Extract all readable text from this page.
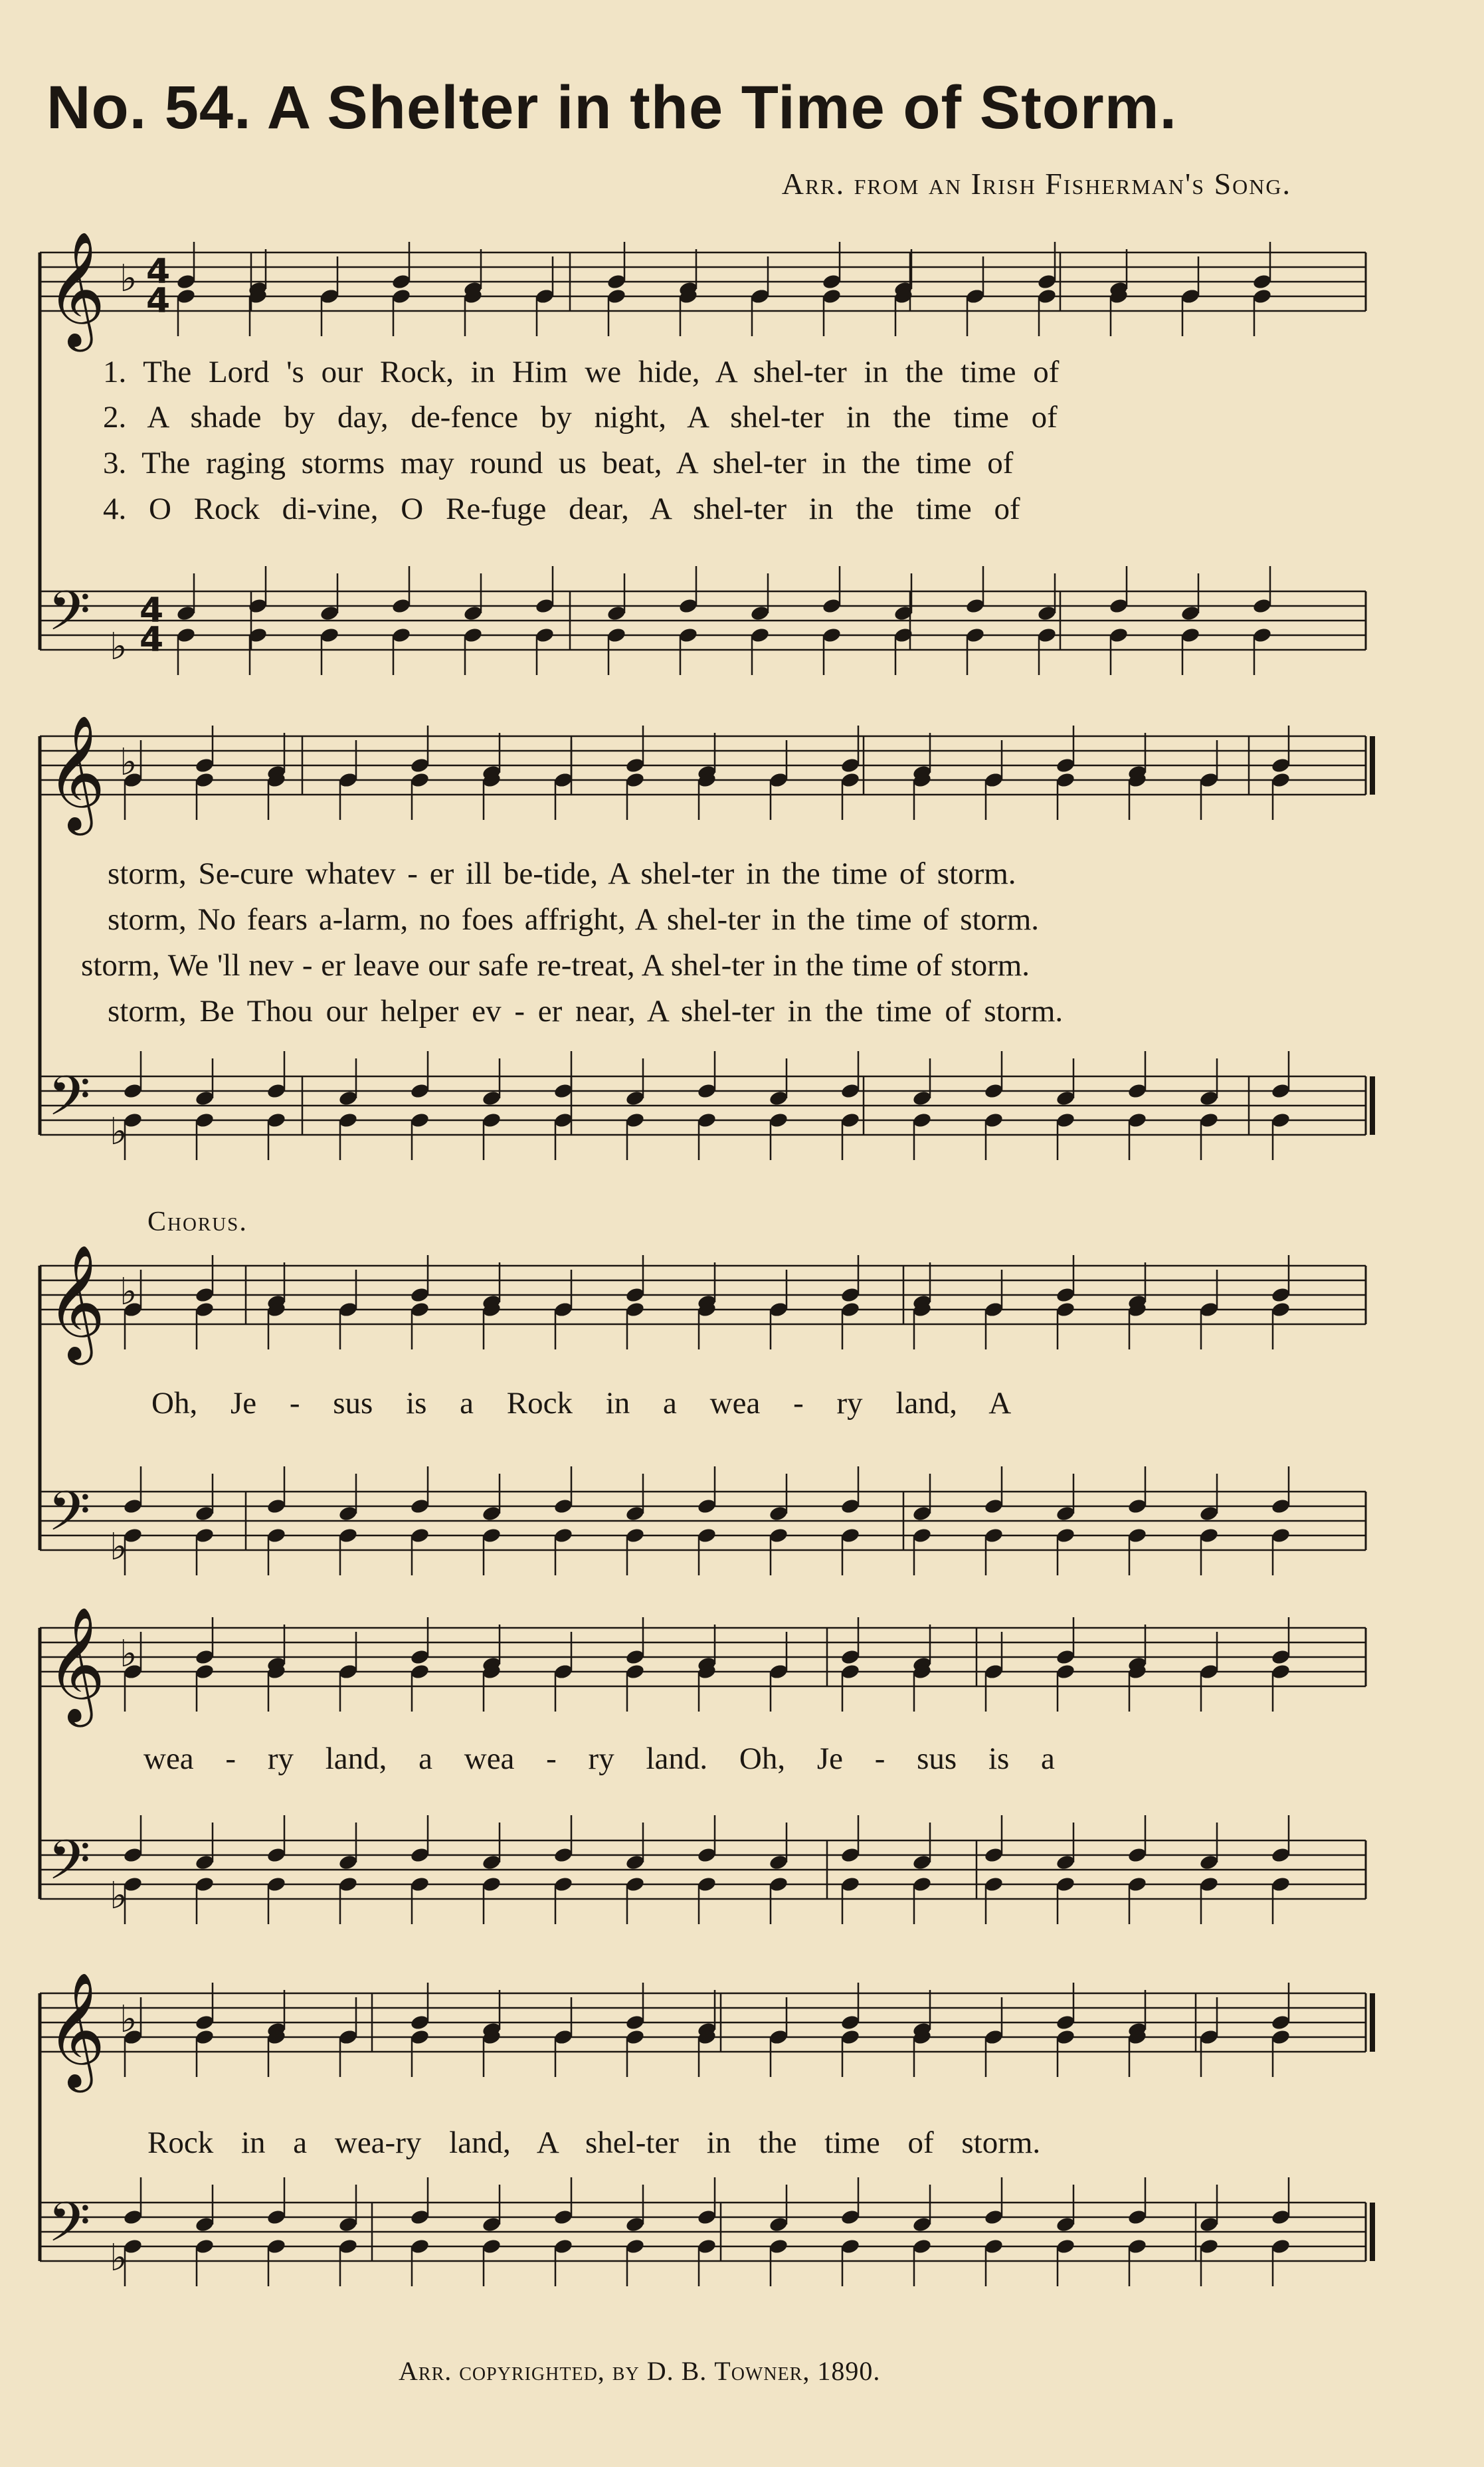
No. 54. A Shelter in the Time of Storm.
Arr. from an Irish Fisherman's Song.
𝄞
𝄢
♭
♭
4
4
4
4
𝄞
𝄢
♭
♭
𝄞
𝄢
♭
♭
𝄞
𝄢
♭
♭
𝄞
𝄢
♭
♭
1. The Lord 's our Rock, in Him we hide, A shel-ter in the time of
2. A shade by day, de-fence by night, A shel-ter in the time of
3. The raging storms may round us beat, A shel-ter in the time of
4. O Rock di-vine, O Re-fuge dear, A shel-ter in the time of
storm, Se-cure whatev - er ill be-tide, A shel-ter in the time of storm.
storm, No fears a-larm, no foes affright, A shel-ter in the time of storm.
storm, We 'll nev - er leave our safe re-treat, A shel-ter in the time of storm.
storm, Be Thou our helper ev - er near, A shel-ter in the time of storm.
Chorus.
Oh, Je - sus is a Rock in a wea - ry land, A
wea - ry land, a wea - ry land. Oh, Je - sus is a
Rock in a wea-ry land, A shel-ter in the time of storm.
Arr. copyrighted, by D. B. Towner, 1890.
